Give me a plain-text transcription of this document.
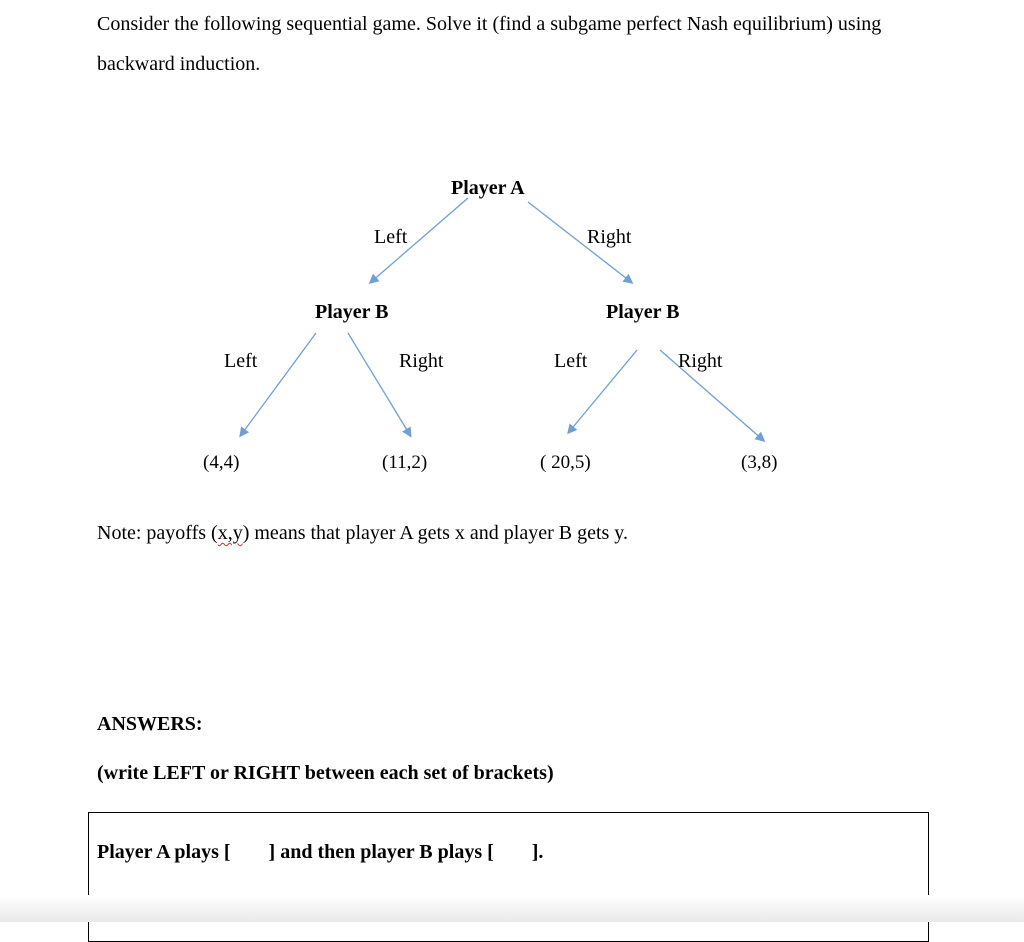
Consider the following sequential game. Solve it (find a subgame perfect Nash equilibrium) using backward induction.
Player A
Left	Right
Player B	Player B
Left	Right	Left	Right
(4,4)	(11,2)	( 20,5)	(3,8)
Note: payoffs (x,y) means that player A gets x and player B gets y.
ANSWERS:
(write LEFT or RIGHT between each set of brackets)
Player A plays [ ] and then player B plays [ ].
